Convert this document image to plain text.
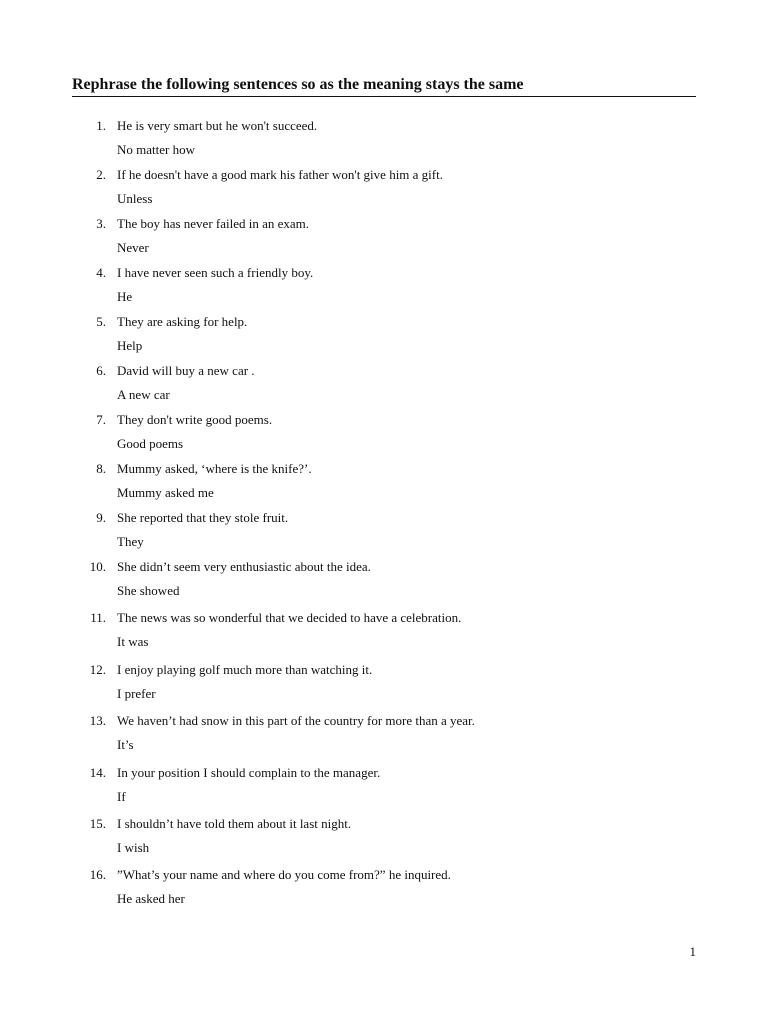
Rephrase the following sentences so as the meaning stays the same
1. He is very smart but he won't succeed.
No matter how
2. If he doesn't have a good mark his father won't give him a gift.
Unless
3. The boy has never failed in an exam.
Never
4. I have never seen such a friendly boy.
He
5. They are asking for help.
Help
6. David will buy a new car .
A new car
7. They don't write good poems.
Good poems
8. Mummy asked, ‘where is the knife?’.
Mummy asked me
9. She reported that they stole fruit.
They
10. She didn’t seem very enthusiastic about the idea.
She showed
11. The news was so wonderful that we decided to have a celebration.
It was
12. I enjoy playing golf much more than watching it.
I prefer
13. We haven’t had snow in this part of the country for more than a year.
It’s
14. In your position I should complain to the manager.
If
15. I shouldn’t have told them about it last night.
I wish
16. ”What’s your name and where do you come from?” he inquired.
He asked her
1
